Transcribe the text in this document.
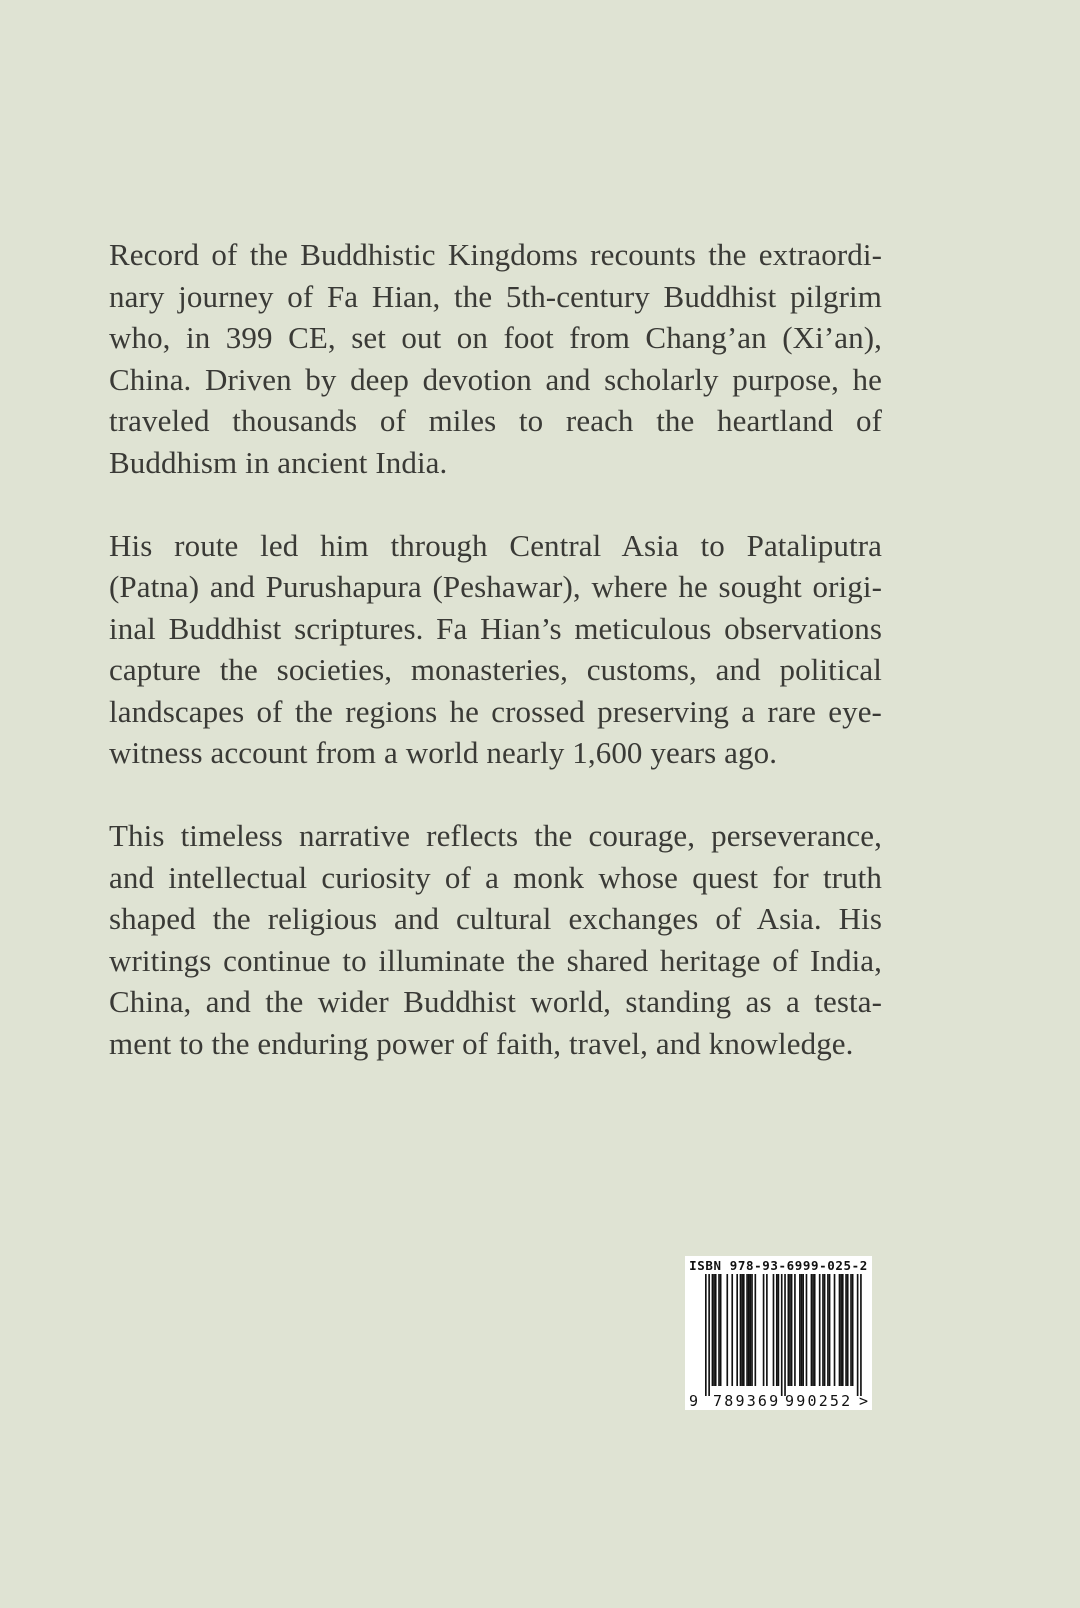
Record of the Buddhistic Kingdoms recounts the extraordi-
nary journey of Fa Hian, the 5th-century Buddhist pilgrim
who, in 399 CE, set out on foot from Chang’an (Xi’an),
China. Driven by deep devotion and scholarly purpose, he
traveled thousands of miles to reach the heartland of
Buddhism in ancient India.

His route led him through Central Asia to Pataliputra
(Patna) and Purushapura (Peshawar), where he sought origi-
inal Buddhist scriptures. Fa Hian’s meticulous observations
capture the societies, monasteries, customs, and political
landscapes of the regions he crossed preserving a rare eye-
witness account from a world nearly 1,600 years ago.

This timeless narrative reflects the courage, perseverance,
and intellectual curiosity of a monk whose quest for truth
shaped the religious and cultural exchanges of Asia. His
writings continue to illuminate the shared heritage of India,
China, and the wider Buddhist world, standing as a testa-
ment to the enduring power of faith, travel, and knowledge.

ISBN 978-93-6999-025-2
9 789369 990252 >
